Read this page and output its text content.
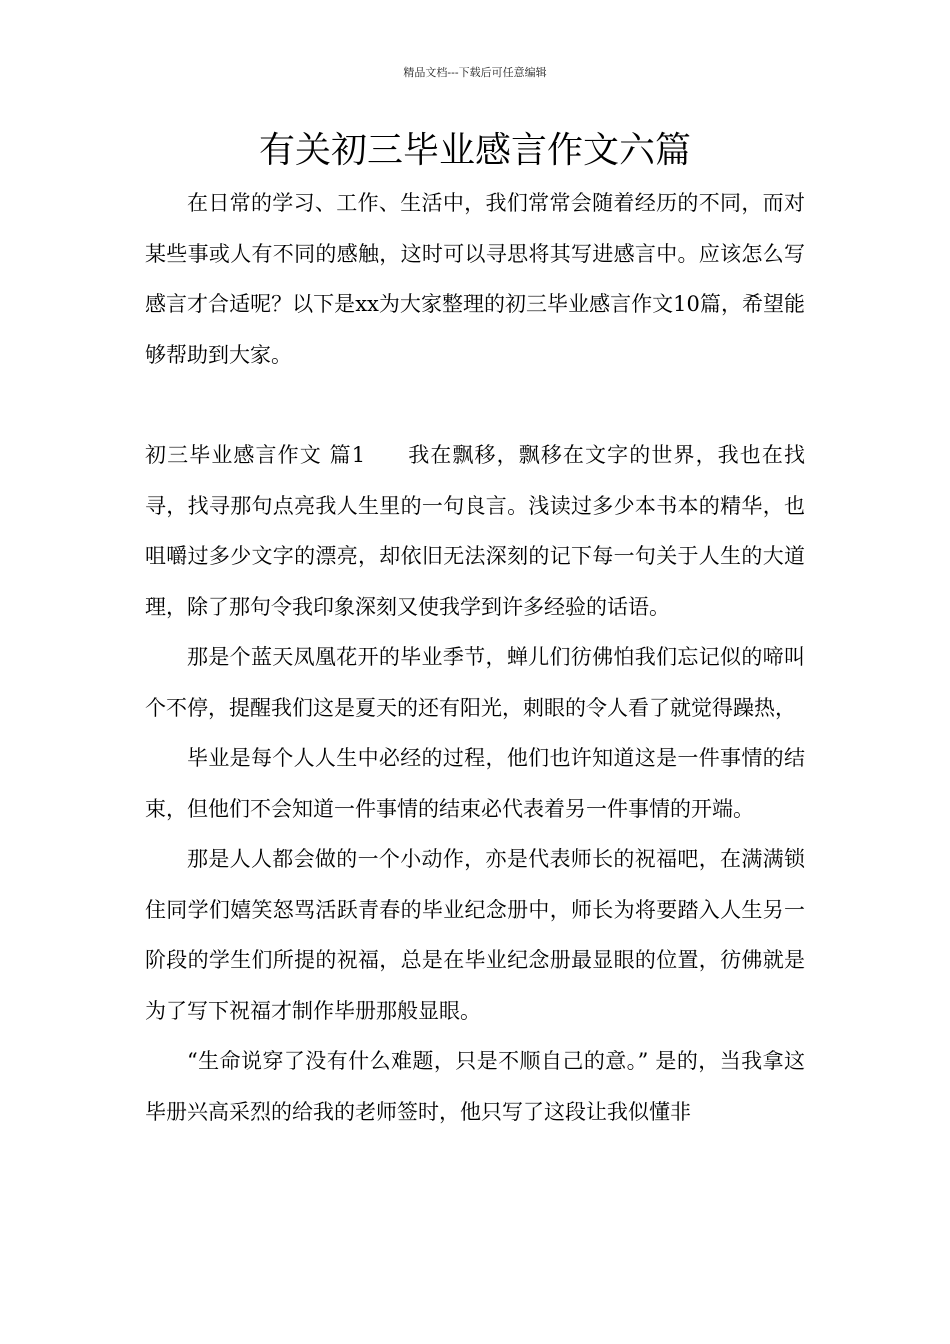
精品文档---下载后可任意编辑
有关初三毕业感言作文六篇

在日常的学习、工作、生活中，我们常常会随着经历的不同，而对某些事或人有不同的感触，这时可以寻思将其写进感言中。应该怎么写感言才合适呢？以下是xx为大家整理的初三毕业感言作文10篇，希望能够帮助到大家。

初三毕业感言作文 篇1 我在飘移，飘移在文字的世界，我也在找寻，找寻那句点亮我人生里的一句良言。浅读过多少本书本的精华，也咀嚼过多少文字的漂亮，却依旧无法深刻的记下每一句关于人生的大道理，除了那句令我印象深刻又使我学到许多经验的话语。

那是个蓝天凤凰花开的毕业季节，蝉儿们彷佛怕我们忘记似的啼叫个不停，提醒我们这是夏天的还有阳光，刺眼的令人看了就觉得躁热，

毕业是每个人人生中必经的过程，他们也许知道这是一件事情的结束，但他们不会知道一件事情的结束必代表着另一件事情的开端。

那是人人都会做的一个小动作，亦是代表师长的祝福吧，在满满锁住同学们嬉笑怒骂活跃青春的毕业纪念册中，师长为将要踏入人生另一阶段的学生们所提的祝福，总是在毕业纪念册最显眼的位置，彷佛就是为了写下祝福才制作毕册那般显眼。

“生命说穿了没有什么难题，只是不顺自己的意。” 是的，当我拿这毕册兴高采烈的给我的老师签时，他只写了这段让我似懂非
